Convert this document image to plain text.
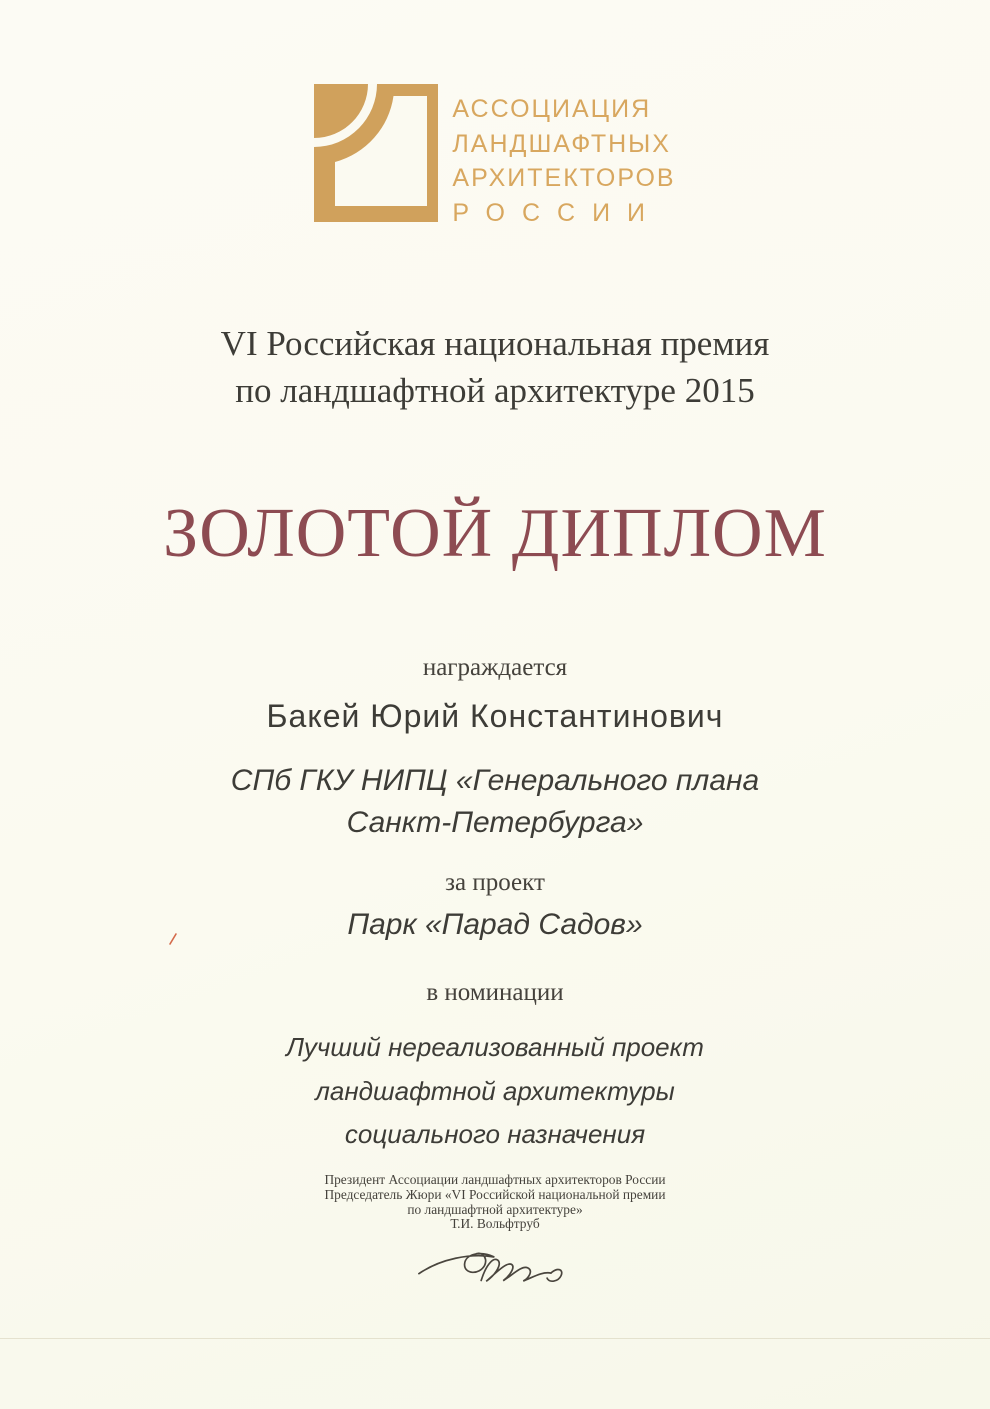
АССОЦИАЦИЯ
ЛАНДШАФТНЫХ
АРХИТЕКТОРОВ
РОССИИ
VI Российская национальная премия
по ландшафтной архитектуре 2015
ЗОЛОТОЙ ДИПЛОМ
награждается
Бакей Юрий Константинович
СПб ГКУ НИПЦ «Генерального плана
Санкт-Петербурга»
за проект
Парк «Парад Садов»
в номинации
Лучший нереализованный проект
ландшафтной архитектуры
социального назначения
Президент Ассоциации ландшафтных архитекторов России
Председатель Жюри «VI Российской национальной премии
по ландшафтной архитектуре»
Т.И. Вольфтруб
